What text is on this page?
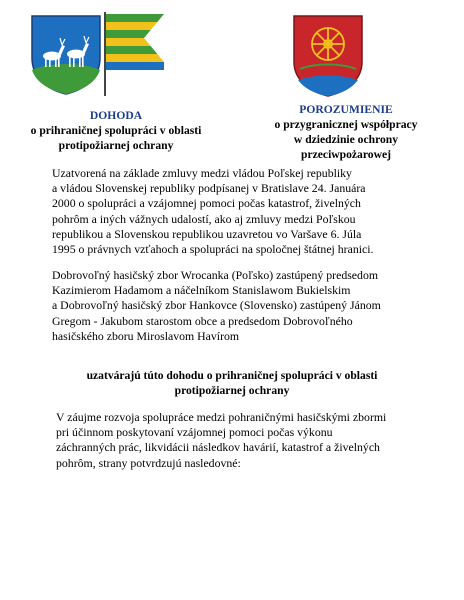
DOHODA
o prihraničnej spolupráci v oblasti
protipožiarnej ochrany
POROZUMIENIE
o przygranicznej współpracy
w dziedzinie ochrony
przeciwpożarowej
Uzatvorená na základe zmluvy medzi vládou Poľskej republiky
a vládou Slovenskej republiky podpísanej v Bratislave 24. Januára
2000 o spolupráci a vzájomnej pomoci počas katastrof, živelných
pohrôm a iných vážnych udalostí, ako aj zmluvy medzi Poľskou
republikou a Slovenskou republikou uzavretou vo Varšave 6. Júla
1995 o právnych vzťahoch a spolupráci na spoločnej štátnej hranici.
Dobrovoľný hasičský zbor Wrocanka (Poľsko) zastúpený predsedom
Kazimierom Hadamom a náčelníkom Stanislawom Bukielskim
a Dobrovoľný hasičský zbor Hankovce (Slovensko) zastúpený Jánom
Gregom - Jakubom starostom obce a predsedom Dobrovoľného
hasičského zboru Miroslavom Havírom
uzatvárajú túto dohodu o prihraničnej spolupráci v oblasti
protipožiarnej ochrany
V záujme rozvoja spolupráce medzi pohraničnými hasičskými zbormi
pri účinnom poskytovaní vzájomnej pomoci počas výkonu
záchranných prác, likvidácii následkov havárií, katastrof a živelných
pohrôm, strany potvrdzujú nasledovné:
